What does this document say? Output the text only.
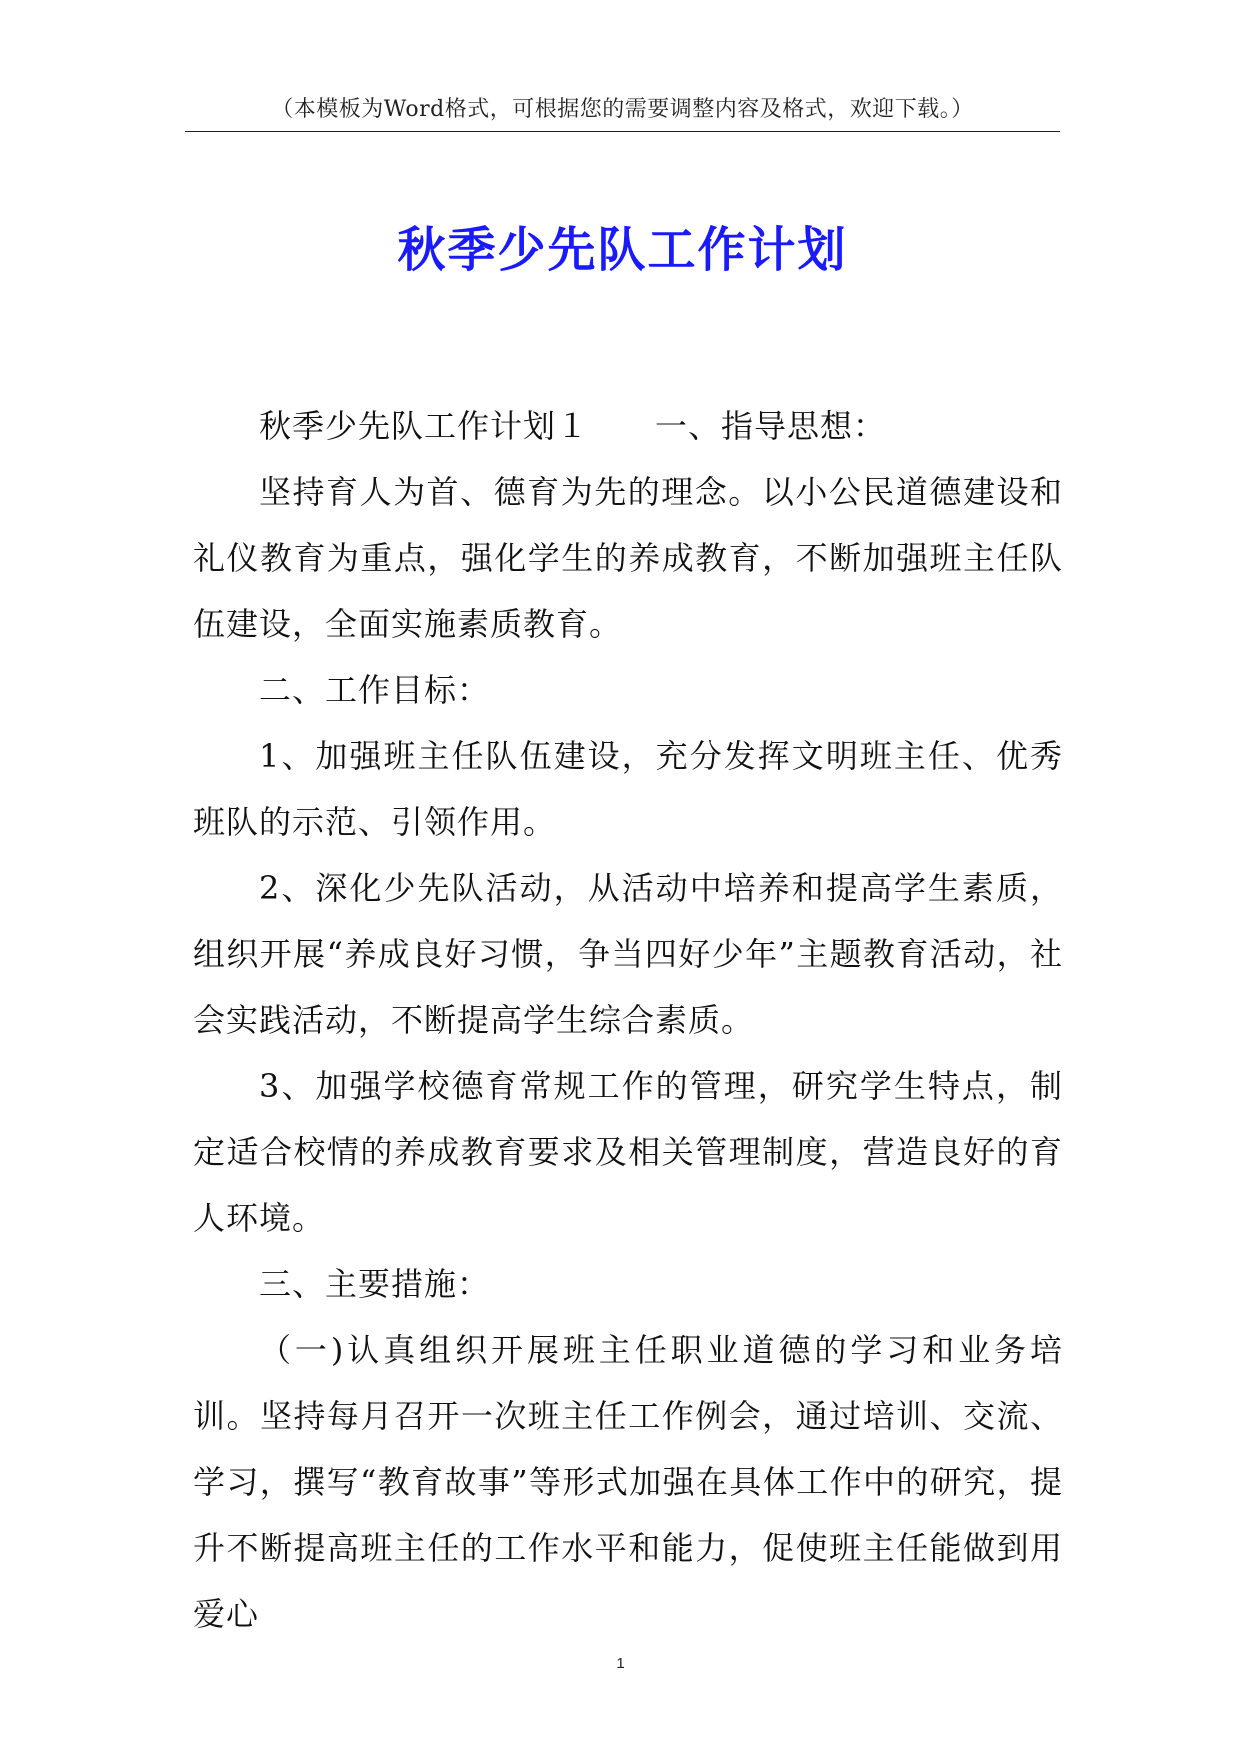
（本模板为Word格式，可根据您的需要调整内容及格式，欢迎下载。）
秋季少先队工作计划

秋季少先队工作计划１　　一、指导思想：

坚持育人为首、德育为先的理念。以小公民道德建设和礼仪教育为重点，强化学生的养成教育，不断加强班主任队伍建设，全面实施素质教育。

二、工作目标：

1、加强班主任队伍建设，充分发挥文明班主任、优秀班队的示范、引领作用。

2、深化少先队活动，从活动中培养和提高学生素质，组织开展“养成良好习惯，争当四好少年”主题教育活动，社会实践活动，不断提高学生综合素质。

3、加强学校德育常规工作的管理，研究学生特点，制定适合校情的养成教育要求及相关管理制度，营造良好的育人环境。

三、主要措施：

（一)认真组织开展班主任职业道德的学习和业务培训。坚持每月召开一次班主任工作例会，通过培训、交流、学习，撰写“教育故事”等形式加强在具体工作中的研究，提升不断提高班主任的工作水平和能力，促使班主任能做到用爱心

1
